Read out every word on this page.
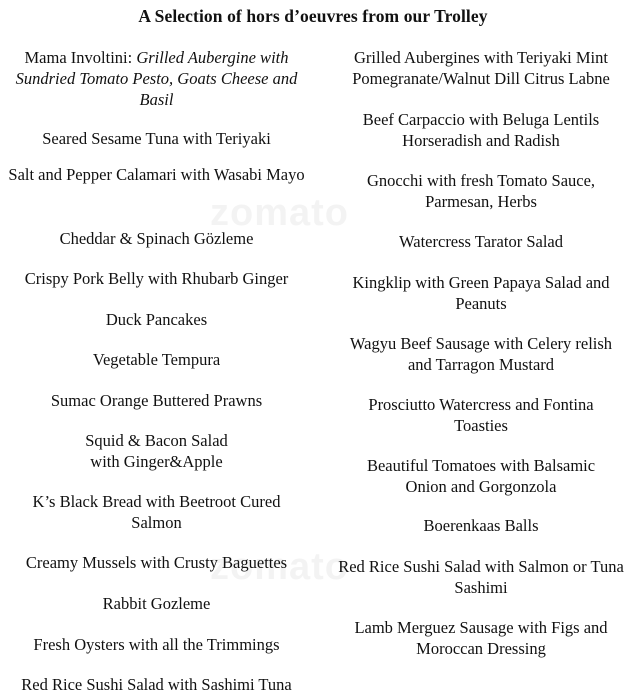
A Selection of hors d’oeuvres from our Trolley
Mama Involtini: Grilled Aubergine with Sundried Tomato Pesto, Goats Cheese and Basil
Seared Sesame Tuna with Teriyaki
Salt and Pepper Calamari with Wasabi Mayo
Cheddar & Spinach Gözleme
Crispy Pork Belly with Rhubarb Ginger
Duck Pancakes
Vegetable Tempura
Sumac Orange Buttered Prawns
Squid & Bacon Salad with Ginger&Apple
K’s Black Bread with Beetroot Cured Salmon
Creamy Mussels with Crusty Baguettes
Rabbit Gozleme
Fresh Oysters with all the Trimmings
Red Rice Sushi Salad with Sashimi Tuna
Grilled Aubergines with Teriyaki Mint Pomegranate/Walnut Dill Citrus Labne
Beef Carpaccio with Beluga Lentils Horseradish and Radish
Gnocchi with fresh Tomato Sauce, Parmesan, Herbs
Watercress Tarator Salad
Kingklip with Green Papaya Salad and Peanuts
Wagyu Beef Sausage with Celery relish and Tarragon Mustard
Prosciutto Watercress and Fontina Toasties
Beautiful Tomatoes with Balsamic Onion and Gorgonzola
Boerenkaas Balls
Red Rice Sushi Salad with Salmon or Tuna Sashimi
Lamb Merguez Sausage with Figs and Moroccan Dressing
